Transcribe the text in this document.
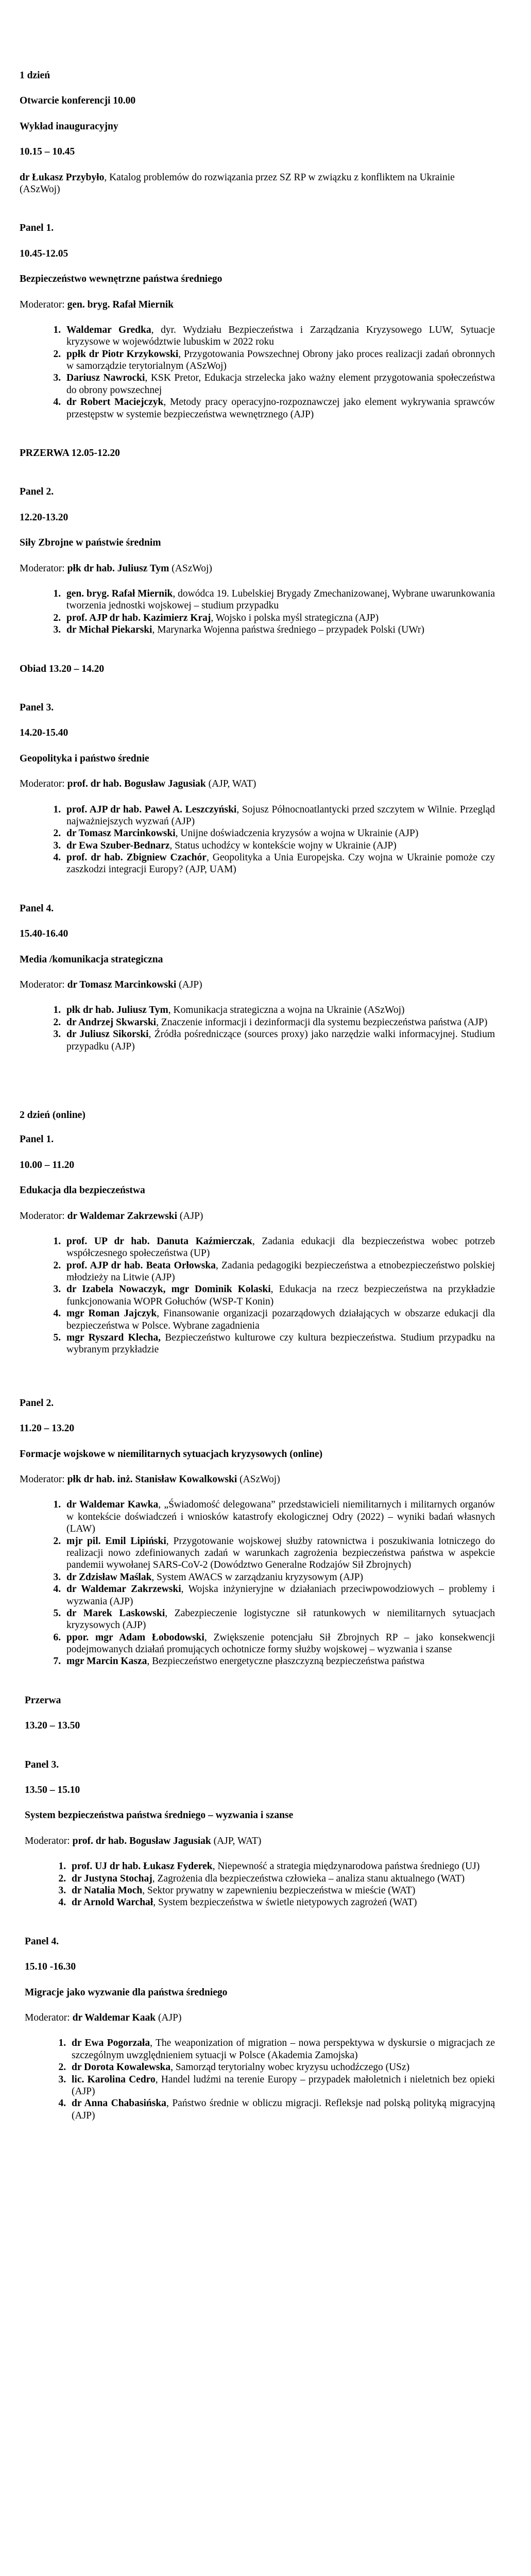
1 dzień

Otwarcie konferencji 10.00

Wykład inauguracyjny

10.15 – 10.45

dr Łukasz Przybyło, Katalog problemów do rozwiązania przez SZ RP w związku z konfliktem na Ukrainie (ASzWoj)

Panel 1.

10.45-12.05

Bezpieczeństwo wewnętrzne państwa średniego

Moderator: gen. bryg. Rafał Miernik

1. Waldemar Gredka, dyr. Wydziału Bezpieczeństwa i Zarządzania Kryzysowego LUW, Sytuacje kryzysowe w województwie lubuskim w 2022 roku
2. ppłk dr Piotr Krzykowski, Przygotowania Powszechnej Obrony jako proces realizacji zadań obronnych w samorządzie terytorialnym (ASzWoj)
3. Dariusz Nawrocki, KSK Pretor, Edukacja strzelecka jako ważny element przygotowania społeczeństwa do obrony powszechnej
4. dr Robert Maciejczyk, Metody pracy operacyjno-rozpoznawczej jako element wykrywania sprawców przestępstw w systemie bezpieczeństwa wewnętrznego (AJP)

PRZERWA 12.05-12.20

Panel 2.

12.20-13.20

Siły Zbrojne w państwie średnim

Moderator: płk dr hab. Juliusz Tym (ASzWoj)

1. gen. bryg. Rafał Miernik, dowódca 19. Lubelskiej Brygady Zmechanizowanej, Wybrane uwarunkowania tworzenia jednostki wojskowej – studium przypadku
2. prof. AJP dr hab. Kazimierz Kraj, Wojsko i polska myśl strategiczna (AJP)
3. dr Michał Piekarski, Marynarka Wojenna państwa średniego – przypadek Polski (UWr)

Obiad 13.20 – 14.20

Panel 3.

14.20-15.40

Geopolityka i państwo średnie

Moderator: prof. dr hab. Bogusław Jagusiak (AJP, WAT)

1. prof. AJP dr hab. Paweł A. Leszczyński, Sojusz Północnoatlantycki przed szczytem w Wilnie. Przegląd najważniejszych wyzwań (AJP)
2. dr Tomasz Marcinkowski, Unijne doświadczenia kryzysów a wojna w Ukrainie (AJP)
3. dr Ewa Szuber-Bednarz, Status uchodźcy w kontekście wojny w Ukrainie (AJP)
4. prof. dr hab. Zbigniew Czachór, Geopolityka a Unia Europejska. Czy wojna w Ukrainie pomoże czy zaszkodzi integracji Europy? (AJP, UAM)

Panel 4.

15.40-16.40

Media /komunikacja strategiczna

Moderator: dr Tomasz Marcinkowski (AJP)

1. płk dr hab. Juliusz Tym, Komunikacja strategiczna a wojna na Ukrainie (ASzWoj)
2. dr Andrzej Skwarski, Znaczenie informacji i dezinformacji dla systemu bezpieczeństwa państwa (AJP)
3. dr Juliusz Sikorski, Źródła pośredniczące (sources proxy) jako narzędzie walki informacyjnej. Studium przypadku (AJP)

2 dzień (online)

Panel 1.

10.00 – 11.20

Edukacja dla bezpieczeństwa

Moderator: dr Waldemar Zakrzewski (AJP)

1. prof. UP dr hab. Danuta Kaźmierczak, Zadania edukacji dla bezpieczeństwa wobec potrzeb współczesnego społeczeństwa (UP)
2. prof. AJP dr hab. Beata Orłowska, Zadania pedagogiki bezpieczeństwa a etnobezpieczeństwo polskiej młodzieży na Litwie (AJP)
3. dr Izabela Nowaczyk, mgr Dominik Kolaski, Edukacja na rzecz bezpieczeństwa na przykładzie funkcjonowania WOPR Gołuchów (WSP-T Konin)
4. mgr Roman Jajczyk, Finansowanie organizacji pozarządowych działających w obszarze edukacji dla bezpieczeństwa w Polsce. Wybrane zagadnienia
5. mgr Ryszard Klecha, Bezpieczeństwo kulturowe czy kultura bezpieczeństwa. Studium przypadku na wybranym przykładzie

Panel 2.

11.20 – 13.20

Formacje wojskowe w niemilitarnych sytuacjach kryzysowych (online)

Moderator: płk dr hab. inż. Stanisław Kowalkowski (ASzWoj)

1. dr Waldemar Kawka, „Świadomość delegowana” przedstawicieli niemilitarnych i militarnych organów w kontekście doświadczeń i wniosków katastrofy ekologicznej Odry (2022) – wyniki badań własnych (LAW)
2. mjr pil. Emil Lipiński, Przygotowanie wojskowej służby ratownictwa i poszukiwania lotniczego do realizacji nowo zdefiniowanych zadań w warunkach zagrożenia bezpieczeństwa państwa w aspekcie pandemii wywołanej SARS-CoV-2 (Dowództwo Generalne Rodzajów Sił Zbrojnych)
3. dr Zdzisław Maślak, System AWACS w zarządzaniu kryzysowym (AJP)
4. dr Waldemar Zakrzewski, Wojska inżynieryjne w działaniach przeciwpowodziowych – problemy i wyzwania (AJP)
5. dr Marek Laskowski, Zabezpieczenie logistyczne sił ratunkowych w niemilitarnych sytuacjach kryzysowych (AJP)
6. ppor. mgr Adam Łobodowski, Zwiększenie potencjału Sił Zbrojnych RP – jako konsekwencji podejmowanych działań promujących ochotnicze formy służby wojskowej – wyzwania i szanse
7. mgr Marcin Kasza, Bezpieczeństwo energetyczne płaszczyzną bezpieczeństwa państwa

Przerwa

13.20 – 13.50

Panel 3.

13.50 – 15.10

System bezpieczeństwa państwa średniego – wyzwania i szanse

Moderator: prof. dr hab. Bogusław Jagusiak (AJP, WAT)

1. prof. UJ dr hab. Łukasz Fyderek, Niepewność a strategia międzynarodowa państwa średniego (UJ)
2. dr Justyna Stochaj, Zagrożenia dla bezpieczeństwa człowieka – analiza stanu aktualnego (WAT)
3. dr Natalia Moch, Sektor prywatny w zapewnieniu bezpieczeństwa w mieście (WAT)
4. dr Arnold Warchał, System bezpieczeństwa w świetle nietypowych zagrożeń (WAT)

Panel 4.

15.10 -16.30

Migracje jako wyzwanie dla państwa średniego

Moderator: dr Waldemar Kaak (AJP)

1. dr Ewa Pogorzała, The weaponization of migration – nowa perspektywa w dyskursie o migracjach ze szczególnym uwzględnieniem sytuacji w Polsce (Akademia Zamojska)
2. dr Dorota Kowalewska, Samorząd terytorialny wobec kryzysu uchodźczego (USz)
3. lic. Karolina Cedro, Handel ludźmi na terenie Europy – przypadek małoletnich i nieletnich bez opieki (AJP)
4. dr Anna Chabasińska, Państwo średnie w obliczu migracji. Refleksje nad polską polityką migracyjną (AJP)
